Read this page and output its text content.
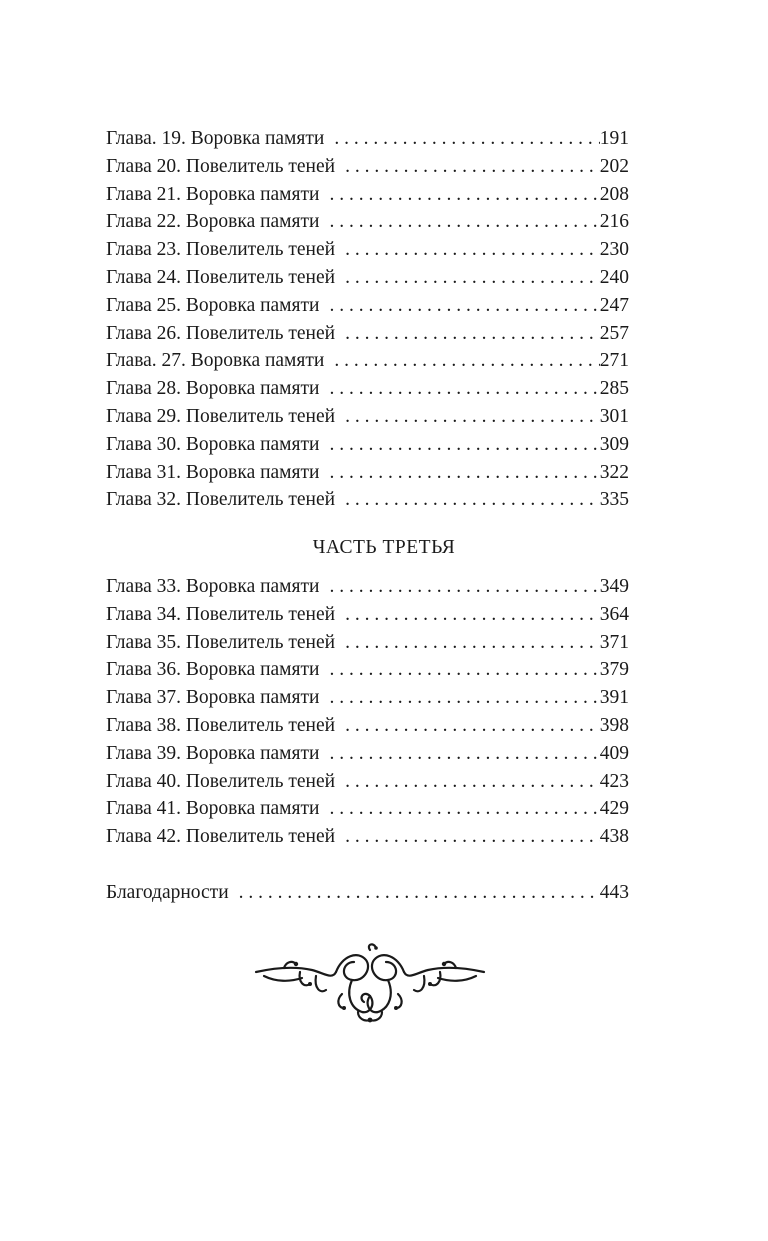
Глава. 19. Воровка памяти . . .	191
Глава 20. Повелитель теней . . .	202
Глава 21. Воровка памяти . . .	208
Глава 22. Воровка памяти . . .	216
Глава 23. Повелитель теней . . .	230
Глава 24. Повелитель теней . . .	240
Глава 25. Воровка памяти . . .	247
Глава 26. Повелитель теней . . .	257
Глава. 27. Воровка памяти . . .	271
Глава 28. Воровка памяти . . .	285
Глава 29. Повелитель теней . . .	301
Глава 30. Воровка памяти . . .	309
Глава 31. Воровка памяти . . .	322
Глава 32. Повелитель теней . . .	335
ЧАСТЬ ТРЕТЬЯ
Глава 33. Воровка памяти . . .	349
Глава 34. Повелитель теней . . .	364
Глава 35. Повелитель теней . . .	371
Глава 36. Воровка памяти . . .	379
Глава 37. Воровка памяти . . .	391
Глава 38. Повелитель теней . . .	398
Глава 39. Воровка памяти . . .	409
Глава 40. Повелитель теней . . .	423
Глава 41. Воровка памяти . . .	429
Глава 42. Повелитель теней . . .	438
Благодарности . . .	443
